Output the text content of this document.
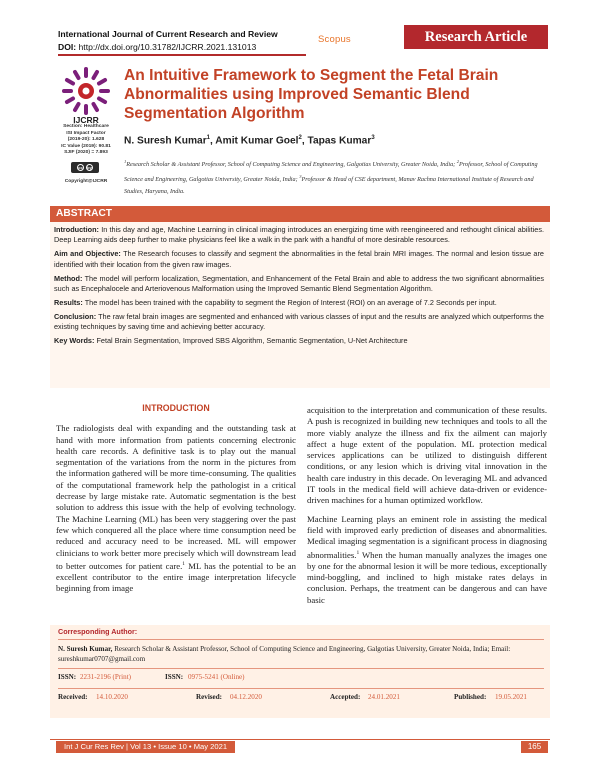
International Journal of Current Research and Review
DOI: http://dx.doi.org/10.31782/IJCRR.2021.131013
Scopus	Research Article
IJCRR
Section: Healthcare
ISI Impact Factor
(2019-20): 1.628
IC Value (2019): 90.81
SJIF (2020) = 7.893
cc	by
Copyright@IJCRR
An Intuitive Framework to Segment the Fetal Brain Abnormalities using Improved Semantic Blend Segmentation Algorithm
N. Suresh Kumar$^1$, Amit Kumar Goel$^2$, Tapas Kumar$^3$
$^1$Research Scholar & Assistant Professor, School of Computing Science and Engineering, Galgotias University, Greater Noida, India; $^2$Professor, School of Computing Science and Engineering, Galgotias University, Greater Noida, India; $^3$Professor & Head of CSE department, Manav Rachna International Institute of Research and Studies, Haryana, India.
ABSTRACT

Introduction: In this day and age, Machine Learning in clinical imaging introduces an energizing time with reengineered and rethought clinical abilities. Deep Learning aids deep further to make physicians feel like a walk in the park with a handful of more desirable resources.

Aim and Objective: The Research focuses to classify and segment the abnormalities in the fetal brain MRI images. The normal and lesion tissue are identified with their location from the given raw images.

Method: The model will perform localization, Segmentation, and Enhancement of the Fetal Brain and able to address the two significant abnormalities such as Encephalocele and Arteriovenous Malformation using the Improved Semantic Blend Segmentation Algorithm.

Results: The model has been trained with the capability to segment the Region of Interest (ROI) on an average of 7.2 Seconds per input.

Conclusion: The raw fetal brain images are segmented and enhanced with various classes of input and the results are analyzed which outperforms the existing techniques by saving time and achieving better accuracy.

Key Words: Fetal Brain Segmentation, Improved SBS Algorithm, Semantic Segmentation, U-Net Architecture

INTRODUCTION

The radiologists deal with expanding and the outstanding task at hand with more information from patients concerning electronic health care records. A definitive task is to play out the manual segmentation of the variations from the norm in the pictures from the information gathered will be more time-consuming. The qualities of the computational framework help the pathologist in a critical decrease by large mistake rate. Automatic segmentation is the best solution to address this issue with the help of evolving technology. The Machine Learning (ML) has been very staggering over the past few which conquered all the place where time consumption need be reduced and accuracy need to be increased. ML will empower clinicians to work better more precisely which will downstream lead to better outcomes for patient care.$^1$ ML has the potential to be an excellent contributor to the entire image interpretation lifecycle beginning from image

acquisition to the interpretation and communication of these results. A push is recognized in building new techniques and tools to all the more viably analyze the illness and fix the ailment can majorly affect a huge extent of the population. ML protection medical services applications can be utilized to distinguish different conditions, or any lesion which is driving vital innovation in the health care industry in this decade. On leveraging ML and advanced IT tools in the medical field will achieve data-driven or evidence-driven machines for a human optimized workflow.

Machine Learning plays an eminent role in assisting the medical field with improved early prediction of diseases and abnormalities. Medical imaging segmentation is a significant process in diagnosing abnormalities.$^1$ When the human manually analyzes the images one by one for the abnormal lesion it will be more tedious, exceptionally mind-boggling, and inclined to high mistake rates delays in conclusion. Perhaps, the treatment can be dangerous and can have basic

Corresponding Author:
N. Suresh Kumar, Research Scholar & Assistant Professor, School of Computing Science and Engineering, Galgotias University, Greater Noida, India; Email: sureshkumar0707@gmail.com
ISSN: 2231-2196 (Print)	ISSN: 0975-5241 (Online)
Received: 14.10.2020	Revised: 04.12.2020	Accepted: 24.01.2021	Published: 19.05.2021
Int J Cur Res Rev | Vol 13 • Issue 10 • May 2021	165
